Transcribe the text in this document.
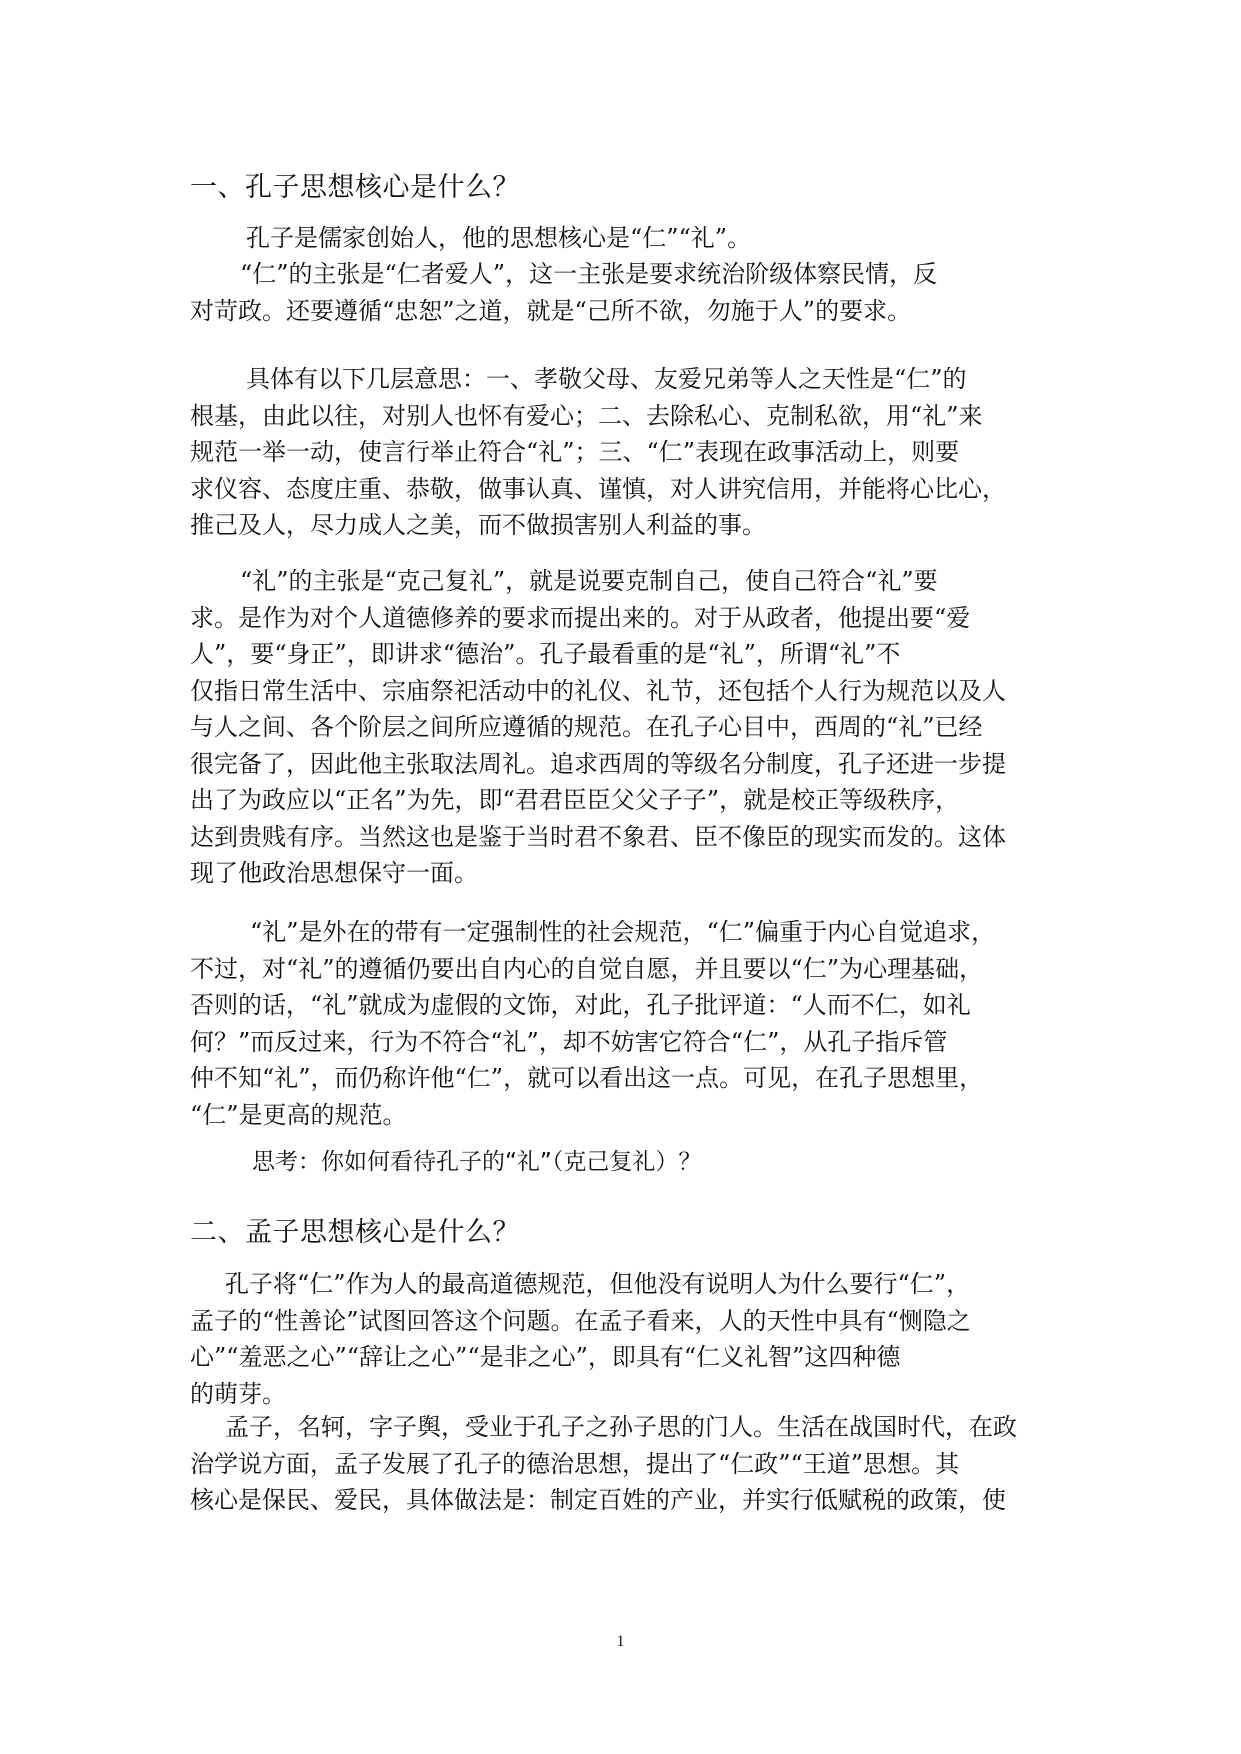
一、孔子思想核心是什么？
孔子是儒家创始人，他的思想核心是“仁”“礼”。
“仁”的主张是“仁者爱人”，这一主张是要求统治阶级体察民情，反
对苛政。还要遵循“忠恕”之道，就是“己所不欲，勿施于人”的要求。
具体有以下几层意思：一、孝敬父母、友爱兄弟等人之天性是“仁”的
根基，由此以往，对别人也怀有爱心；二、去除私心、克制私欲，用“礼”来
规范一举一动，使言行举止符合“礼”；三、“仁”表现在政事活动上，则要
求仪容、态度庄重、恭敬，做事认真、谨慎，对人讲究信用，并能将心比心，
推己及人，尽力成人之美，而不做损害别人利益的事。
“礼”的主张是“克己复礼”，就是说要克制自己，使自己符合“礼”要
求。是作为对个人道德修养的要求而提出来的。对于从政者，他提出要“爱
人”，要“身正”，即讲求“德治”。孔子最看重的是“礼”，所谓“礼”不
仅指日常生活中、宗庙祭祀活动中的礼仪、礼节，还包括个人行为规范以及人
与人之间、各个阶层之间所应遵循的规范。在孔子心目中，西周的“礼”已经
很完备了，因此他主张取法周礼。追求西周的等级名分制度，孔子还进一步提
出了为政应以“正名”为先，即“君君臣臣父父子子”，就是校正等级秩序，
达到贵贱有序。当然这也是鉴于当时君不象君、臣不像臣的现实而发的。这体
现了他政治思想保守一面。
“礼”是外在的带有一定强制性的社会规范，“仁”偏重于内心自觉追求，
不过，对“礼”的遵循仍要出自内心的自觉自愿，并且要以“仁”为心理基础，
否则的话，“礼”就成为虚假的文饰，对此，孔子批评道：“人而不仁，如礼
何？”而反过来，行为不符合“礼”，却不妨害它符合“仁”，从孔子指斥管
仲不知“礼”，而仍称许他“仁”，就可以看出这一点。可见，在孔子思想里，
“仁”是更高的规范。

思考：你如何看待孔子的“礼”（克己复礼）？

二、孟子思想核心是什么？
孔子将“仁”作为人的最高道德规范，但他没有说明人为什么要行“仁”，
孟子的“性善论”试图回答这个问题。在孟子看来，人的天性中具有“恻隐之
心”“羞恶之心”“辞让之心”“是非之心”，即具有“仁义礼智”这四种德
的萌芽。
孟子，名轲，字子舆，受业于孔子之孙子思的门人。生活在战国时代，在政
治学说方面，孟子发展了孔子的德治思想，提出了“仁政”“王道”思想。其
核心是保民、爱民，具体做法是：制定百姓的产业，并实行低赋税的政策，使
1
